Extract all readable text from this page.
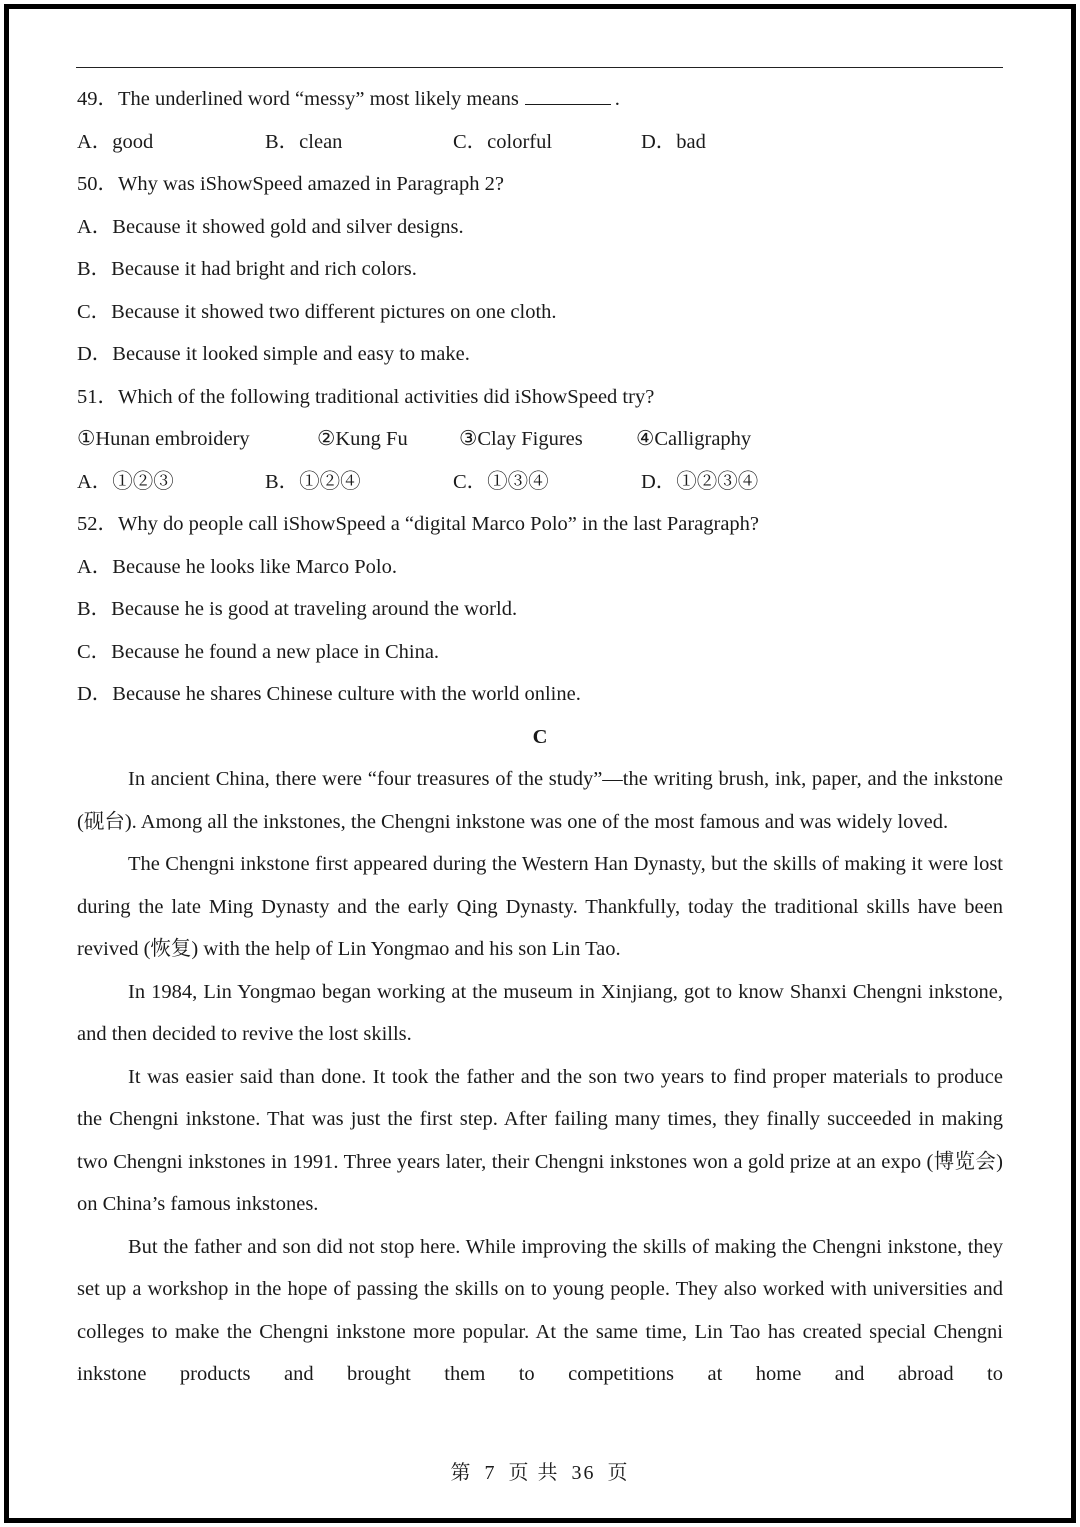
49．The underlined word “messy” most likely means	.
A．good	B．clean	C．colorful	D．bad
50．Why was iShowSpeed amazed in Paragraph 2?
A．Because it showed gold and silver designs.
B．Because it had bright and rich colors.
C．Because it showed two different pictures on one cloth.
D．Because it looked simple and easy to make.
51．Which of the following traditional activities did iShowSpeed try?
①Hunan embroidery	②Kung Fu	③Clay Figures	④Calligraphy
A．①②③	B．①②④	C．①③④	D．①②③④
52．Why do people call iShowSpeed a “digital Marco Polo” in the last Paragraph?
A．Because he looks like Marco Polo.
B．Because he is good at traveling around the world.
C．Because he found a new place in China.
D．Because he shares Chinese culture with the world online.
C

In ancient China, there were “four treasures of the study”—the writing brush, ink, paper, and the inkstone (砚台). Among all the inkstones, the Chengni inkstone was one of the most famous and was widely loved.

The Chengni inkstone first appeared during the Western Han Dynasty, but the skills of making it were lost during the late Ming Dynasty and the early Qing Dynasty. Thankfully, today the traditional skills have been revived (恢复) with the help of Lin Yongmao and his son Lin Tao.

In 1984, Lin Yongmao began working at the museum in Xinjiang, got to know Shanxi Chengni inkstone, and then decided to revive the lost skills.

It was easier said than done. It took the father and the son two years to find proper materials to produce the Chengni inkstone. That was just the first step. After failing many times, they finally succeeded in making two Chengni inkstones in 1991. Three years later, their Chengni inkstones won a gold prize at an expo (博览会) on China’s famous inkstones.

But the father and son did not stop here. While improving the skills of making the Chengni inkstone, they set up a workshop in the hope of passing the skills on to young people. They also worked with universities and colleges to make the Chengni inkstone more popular. At the same time, Lin Tao has created special Chengni inkstone products and brought them to competitions at home and abroad to

第 7 页 共 36 页
